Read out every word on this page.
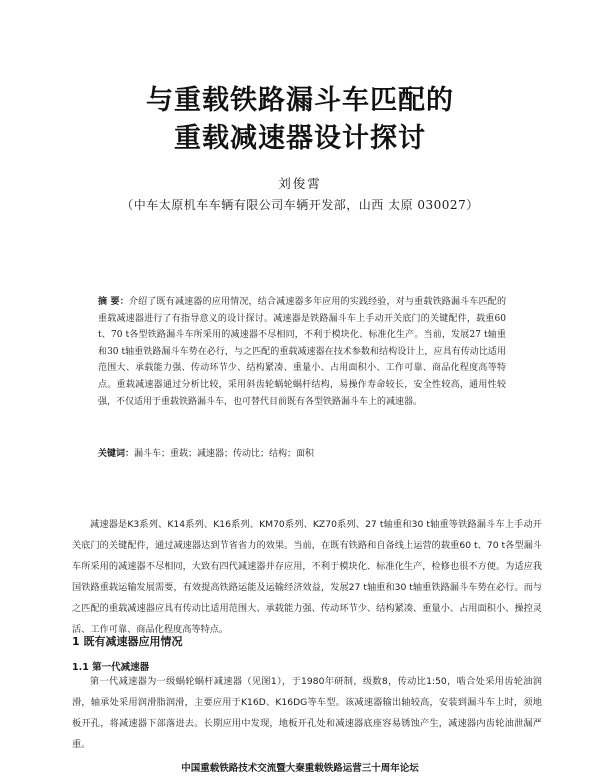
与重载铁路漏斗车匹配的
重载减速器设计探讨
刘俊霄
（中车太原机车车辆有限公司车辆开发部，山西 太原 030027）
摘 要：介绍了既有减速器的应用情况，结合减速器多年应用的实践经验，对与重载铁路漏斗车匹配的重载减速器进行了有指导意义的设计探讨。减速器是铁路漏斗车上手动开关底门的关键配件，载重60 t、70 t各型铁路漏斗车所采用的减速器不尽相同，不利于模块化、标准化生产。当前，发展27 t轴重和30 t轴重铁路漏斗车势在必行，与之匹配的重载减速器在技术参数和结构设计上，应具有传动比适用范围大、承载能力强、传动环节少、结构紧凑、重量小、占用面积小、工作可靠、商品化程度高等特点。重载减速器通过分析比较，采用斜齿轮蜗轮蜗杆结构，易操作寿命较长，安全性较高，通用性较强，不仅适用于重载铁路漏斗车，也可替代目前既有各型铁路漏斗车上的减速器。
关键词：漏斗车；重载；减速器；传动比；结构；面积
减速器是K3系列、K14系列、K16系列、KM70系列、KZ70系列、27 t轴重和30 t轴重等铁路漏斗车上手动开关底门的关键配件，通过减速器达到节省省力的效果。当前，在既有铁路和自备线上运营的载重60 t、70 t各型漏斗车所采用的减速器不尽相同，大致有四代减速器并存应用，不利于模块化、标准化生产，检修也很不方便。为适应我国铁路重载运输发展需要，有效提高铁路运能及运输经济效益，发展27 t轴重和30 t轴重铁路漏斗车势在必行。而与之匹配的重载减速器应具有传动比适用范围大、承载能力强、传动环节少、结构紧凑、重量小、占用面积小、操控灵活、工作可靠、商品化程度高等特点。
1 既有减速器应用情况
1.1 第一代减速器
第一代减速器为一级蜗轮蜗杆减速器（见图1），于1980年研制，级数8，传动比1:50，啮合处采用齿轮油润滑，轴承处采用润滑脂润滑，主要应用于K16D、K16DG等车型。该减速器输出轴较高，安装到漏斗车上时，须地板开孔，将减速器下部落进去。长期应用中发现，地板开孔处和减速器底座容易锈蚀产生，减速器内齿轮油泄漏严重。
中国重载铁路技术交流暨大秦重载铁路运营三十周年论坛
